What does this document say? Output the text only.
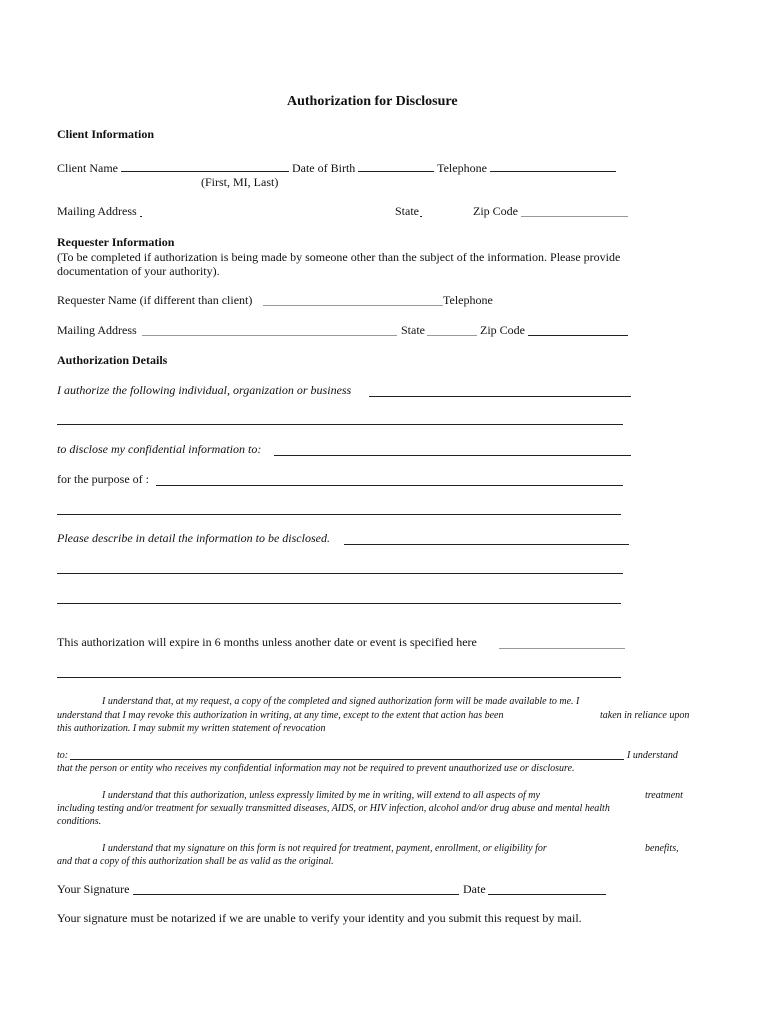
Authorization for Disclosure
Client Information
Client Name	Date of Birth	Telephone
(First, MI, Last)
Mailing Address	State	Zip Code
Requester Information
(To be completed if authorization is being made by someone other than the subject of the information. Please provide
documentation of your authority).
Requester Name (if different than client)	Telephone
Mailing Address	State	Zip Code
Authorization Details
I authorize the following individual, organization or business
to disclose my confidential information to:
for the purpose of :
Please describe in detail the information to be disclosed.
This authorization will expire in 6 months unless another date or event is specified here
I understand that, at my request, a copy of the completed and signed authorization form will be made available to me. I
understand that I may revoke this authorization in writing, at any time, except to the extent that action has been	taken in reliance upon
this authorization. I may submit my written statement of revocation
to:	I understand
that the person or entity who receives my confidential information may not be required to prevent unauthorized use or disclosure.
I understand that this authorization, unless expressly limited by me in writing, will extend to all aspects of my	treatment
including testing and/or treatment for sexually transmitted diseases, AIDS, or HIV infection, alcohol and/or drug abuse and mental health
conditions.
I understand that my signature on this form is not required for treatment, payment, enrollment, or eligibility for	benefits,
and that a copy of this authorization shall be as valid as the original.
Your Signature	Date
Your signature must be notarized if we are unable to verify your identity and you submit this request by mail.
